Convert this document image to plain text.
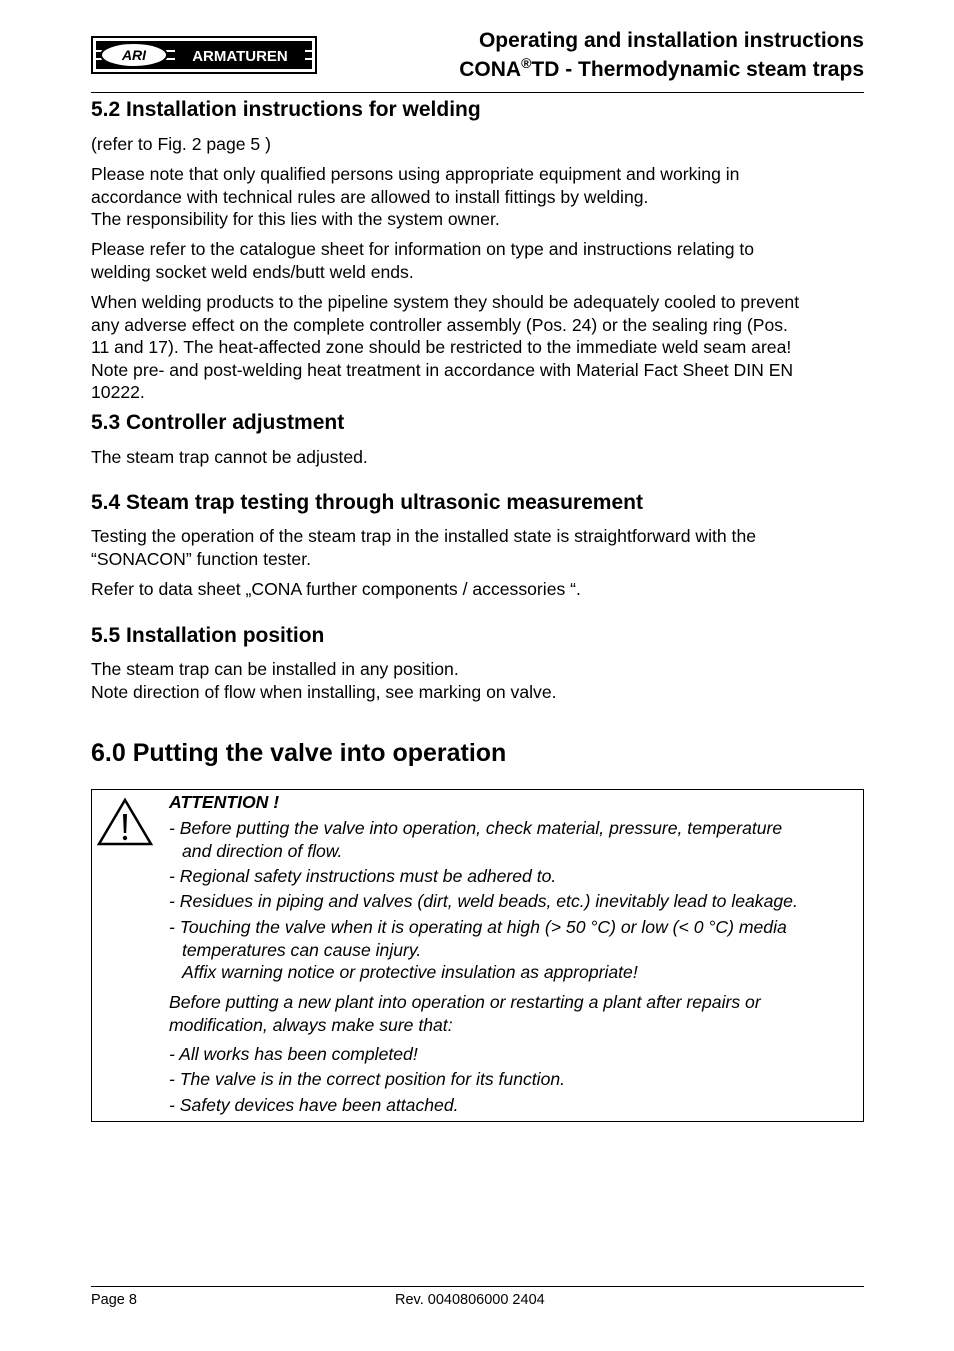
ARI	ARMATUREN
Operating and installation instructions
CONA®TD - Thermodynamic steam traps
5.2 Installation instructions for welding

(refer to Fig. 2 page 5 )

Please note that only qualified persons using appropriate equipment and working in
accordance with technical rules are allowed to install fittings by welding.
The responsibility for this lies with the system owner.
Please refer to the catalogue sheet for information on type and instructions relating to
welding socket weld ends/butt weld ends.
When welding products to the pipeline system they should be adequately cooled to prevent
any adverse effect on the complete controller assembly (Pos. 24) or the sealing ring (Pos.
11 and 17). The heat-affected zone should be restricted to the immediate weld seam area!
Note pre- and post-welding heat treatment in accordance with Material Fact Sheet DIN EN
10222.
5.3 Controller adjustment

The steam trap cannot be adjusted.

5.4 Steam trap testing through ultrasonic measurement
Testing the operation of the steam trap in the installed state is straightforward with the
“SONACON” function tester.

Refer to data sheet „CONA further components / accessories “.

5.5 Installation position
The steam trap can be installed in any position.
Note direction of flow when installing, see marking on valve.
6.0 Putting the valve into operation
ATTENTION !
- Before putting the valve into operation, check material, pressure, temperature
and direction of flow.
- Regional safety instructions must be adhered to.
- Residues in piping and valves (dirt, weld beads, etc.) inevitably lead to leakage.
- Touching the valve when it is operating at high (> 50 °C) or low (< 0 °C) media
temperatures can cause injury.
Affix warning notice or protective insulation as appropriate!
Before putting a new plant into operation or restarting a plant after repairs or
modification, always make sure that:
- All works has been completed!
- The valve is in the correct position for its function.
- Safety devices have been attached.
Page 8	Rev. 0040806000 2404
